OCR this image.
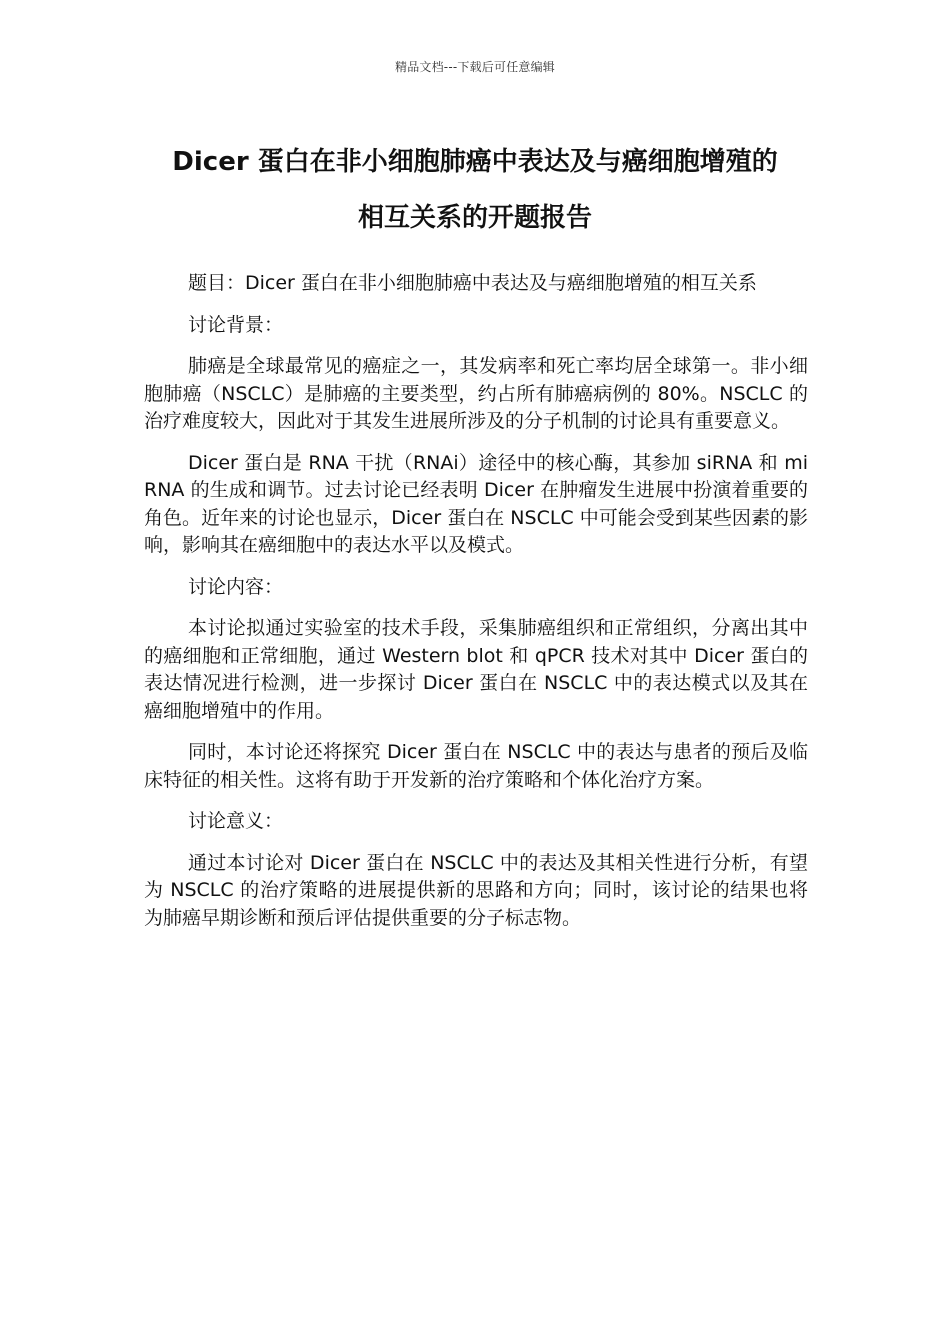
精品文档---下载后可任意编辑
Dicer 蛋白在非小细胞肺癌中表达及与癌细胞增殖的
相互关系的开题报告

题目：Dicer 蛋白在非小细胞肺癌中表达及与癌细胞增殖的相互关系

讨论背景：

肺癌是全球最常见的癌症之一，其发病率和死亡率均居全球第一。非小细胞肺癌（NSCLC）是肺癌的主要类型，约占所有肺癌病例的 80%。NSCLC 的治疗难度较大，因此对于其发生进展所涉及的分子机制的讨论具有重要意义。

Dicer 蛋白是 RNA 干扰（RNAi）途径中的核心酶，其参加 siRNA 和 miRNA 的生成和调节。过去讨论已经表明 Dicer 在肿瘤发生进展中扮演着重要的角色。近年来的讨论也显示，Dicer 蛋白在 NSCLC 中可能会受到某些因素的影响，影响其在癌细胞中的表达水平以及模式。

讨论内容：

本讨论拟通过实验室的技术手段，采集肺癌组织和正常组织，分离出其中的癌细胞和正常细胞，通过 Western blot 和 qPCR 技术对其中 Dicer 蛋白的表达情况进行检测，进一步探讨 Dicer 蛋白在 NSCLC 中的表达模式以及其在癌细胞增殖中的作用。

同时，本讨论还将探究 Dicer 蛋白在 NSCLC 中的表达与患者的预后及临床特征的相关性。这将有助于开发新的治疗策略和个体化治疗方案。

讨论意义：

通过本讨论对 Dicer 蛋白在 NSCLC 中的表达及其相关性进行分析，有望为 NSCLC 的治疗策略的进展提供新的思路和方向；同时，该讨论的结果也将为肺癌早期诊断和预后评估提供重要的分子标志物。
